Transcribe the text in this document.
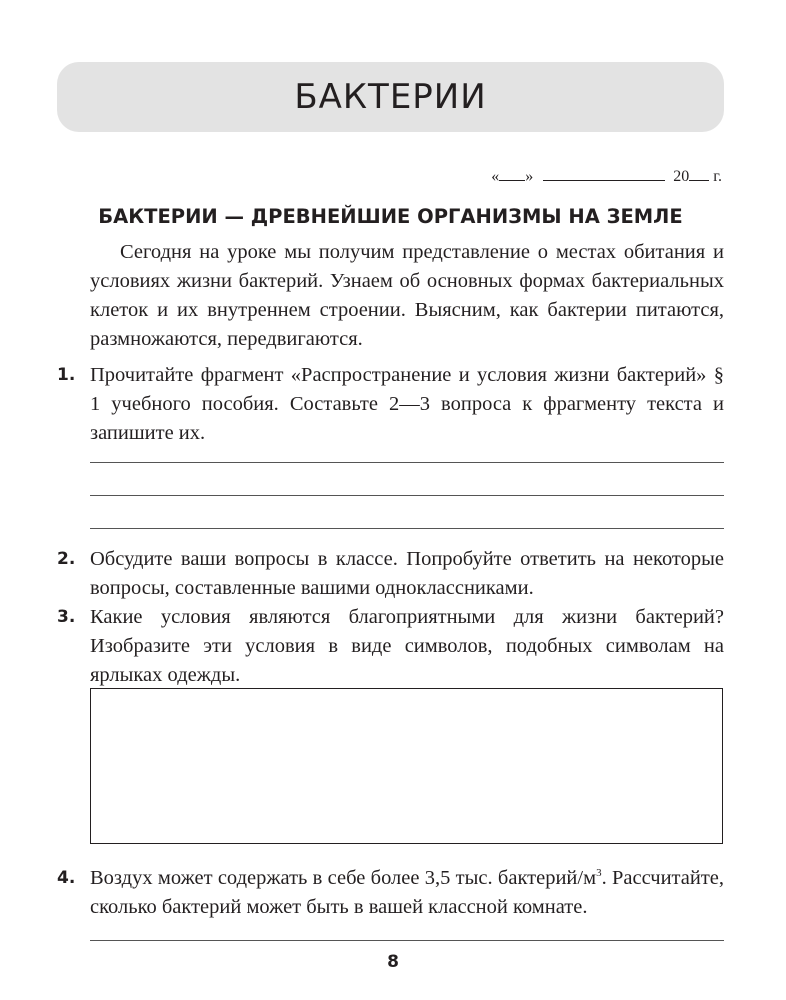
БАКТЕРИИ
« »	20 г.
БАКТЕРИИ — ДРЕВНЕЙШИЕ ОРГАНИЗМЫ НА ЗЕМЛЕ
Сегодня на уроке мы получим представление о местах обитания и условиях жизни бактерий. Узнаем об основных формах бактериальных клеток и их внутреннем строении. Выясним, как бактерии питаются, размножаются, передвигаются.
1. Прочитайте фрагмент «Распространение и условия жизни бактерий» § 1 учебного пособия. Составьте 2—3 вопроса к фрагменту текста и запишите их.
2. Обсудите ваши вопросы в классе. Попробуйте ответить на некоторые вопросы, составленные вашими одноклассниками.
3. Какие условия являются благоприятными для жизни бактерий? Изобразите эти условия в виде символов, подобных символам на ярлыках одежды.
4. Воздух может содержать в себе более 3,5 тыс. бактерий/$м^3$. Рассчитайте, сколько бактерий может быть в вашей классной комнате.
8
